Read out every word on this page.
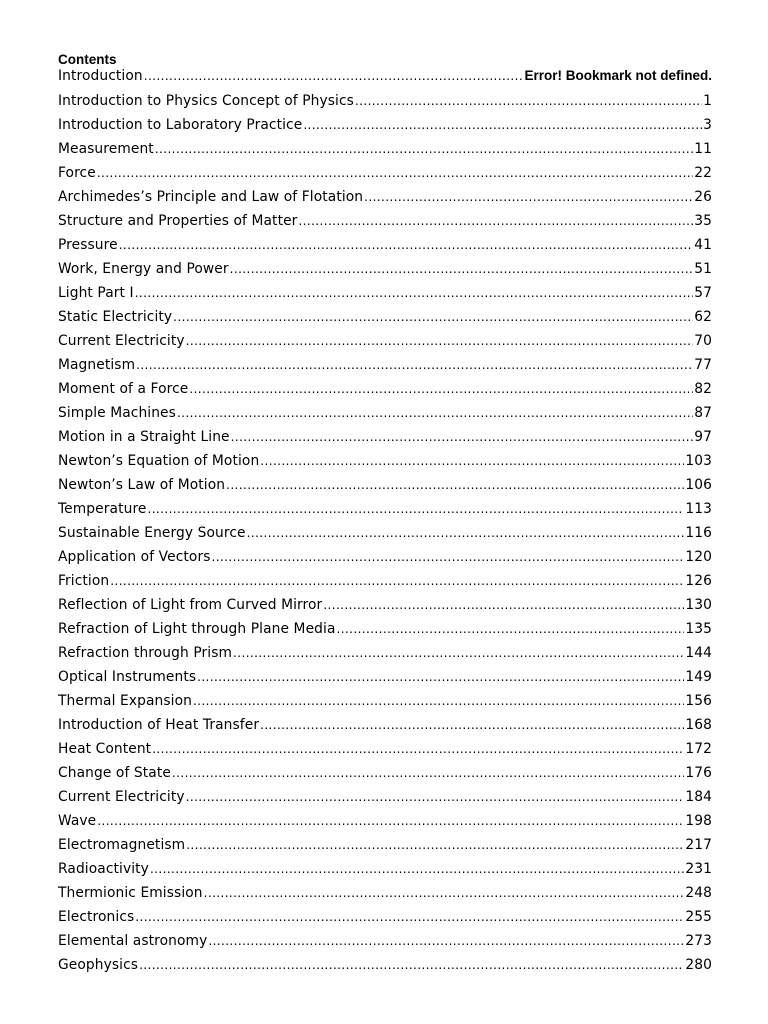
Contents
Introduction .....	Error! Bookmark not defined.
Introduction to Physics Concept of Physics .....	1
Introduction to Laboratory Practice .....	3
Measurement .....	11
Force .....	22
Archimedes’s Principle and Law of Flotation .....	26
Structure and Properties of Matter .....	35
Pressure .....	41
Work, Energy and Power .....	51
Light Part I .....	57
Static Electricity .....	62
Current Electricity .....	70
Magnetism .....	77
Moment of a Force .....	82
Simple Machines .....	87
Motion in a Straight Line .....	97
Newton’s Equation of Motion .....	103
Newton’s Law of Motion .....	106
Temperature .....	113
Sustainable Energy Source .....	116
Application of Vectors .....	120
Friction .....	126
Reflection of Light from Curved Mirror .....	130
Refraction of Light through Plane Media .....	135
Refraction through Prism .....	144
Optical Instruments .....	149
Thermal Expansion .....	156
Introduction of Heat Transfer .....	168
Heat Content .....	172
Change of State .....	176
Current Electricity .....	184
Wave .....	198
Electromagnetism .....	217
Radioactivity .....	231
Thermionic Emission .....	248
Electronics .....	255
Elemental astronomy .....	273
Geophysics .....	280
